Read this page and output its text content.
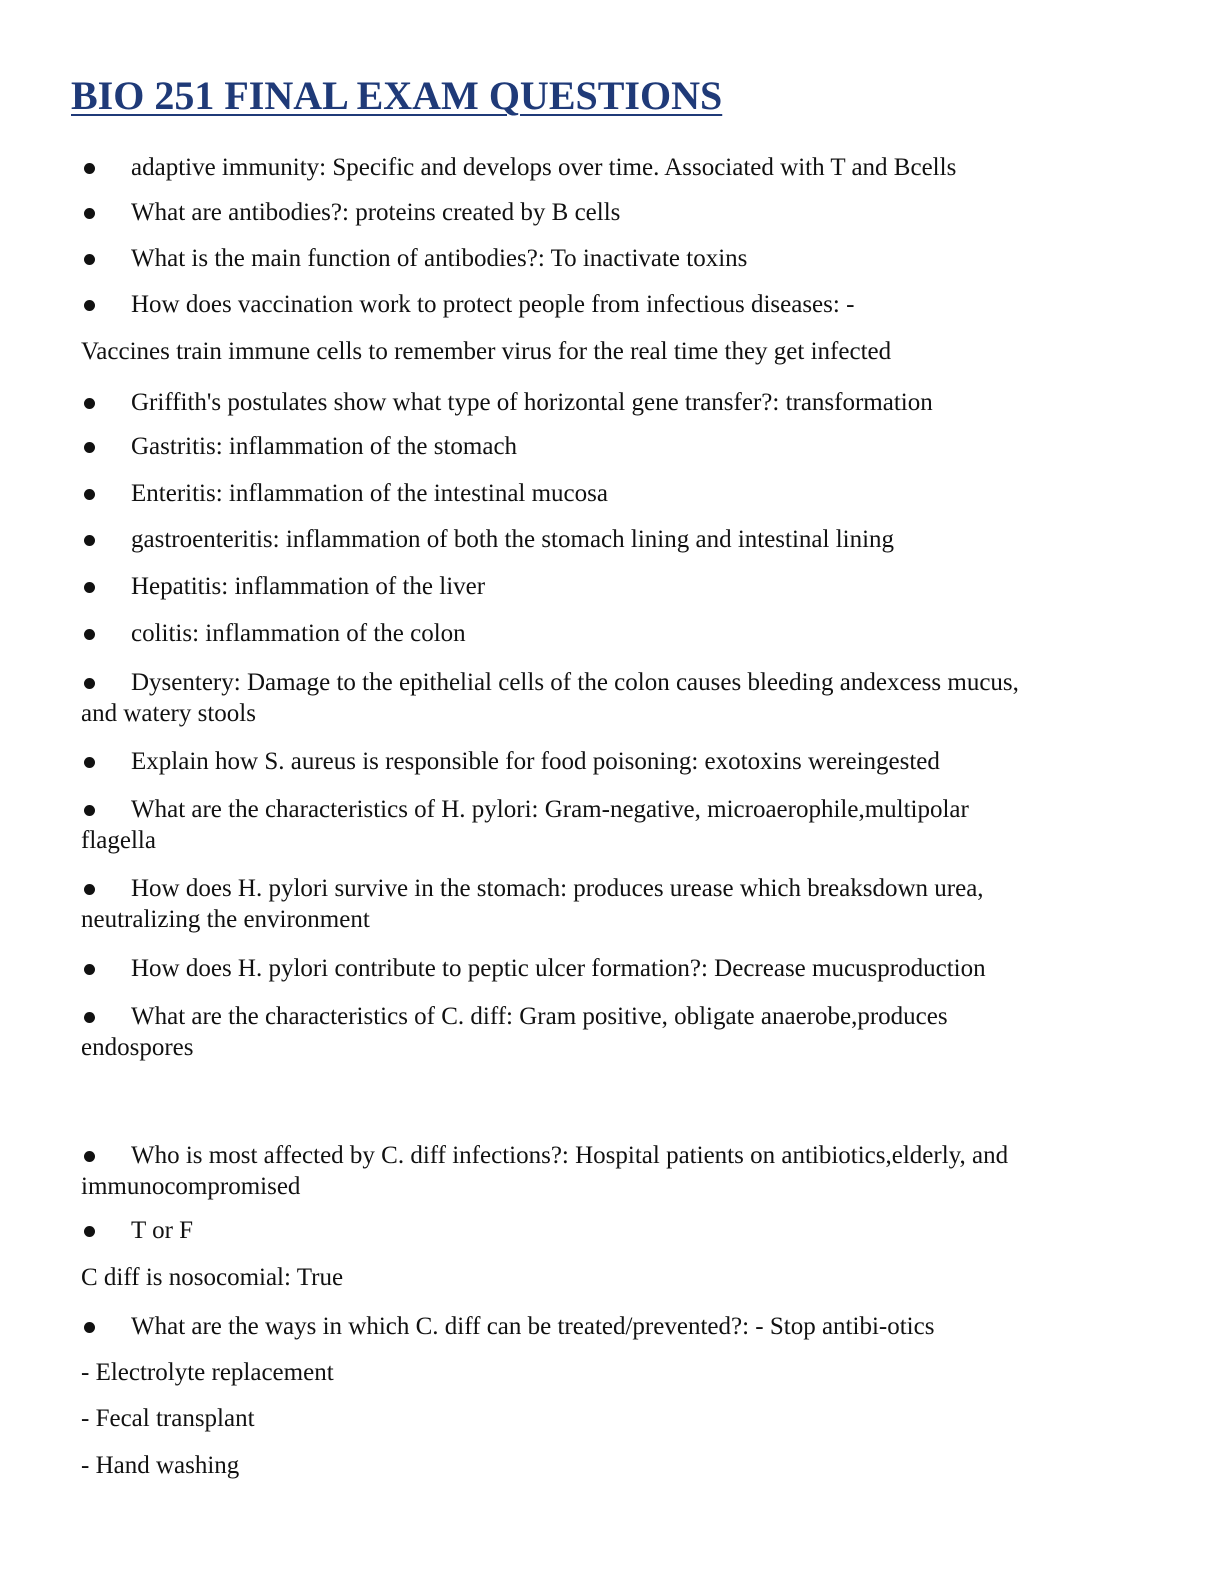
BIO 251 FINAL EXAM QUESTIONS
adaptive immunity: Specific and develops over time. Associated with T and Bcells
What are antibodies?: proteins created by B cells
What is the main function of antibodies?: To inactivate toxins
How does vaccination work to protect people from infectious diseases: -
Vaccines train immune cells to remember virus for the real time they get infected
Griffith's postulates show what type of horizontal gene transfer?: transformation
Gastritis: inflammation of the stomach
Enteritis: inflammation of the intestinal mucosa
gastroenteritis: inflammation of both the stomach lining and intestinal lining
Hepatitis: inflammation of the liver
colitis: inflammation of the colon
Dysentery: Damage to the epithelial cells of the colon causes bleeding andexcess mucus,
and watery stools
Explain how S. aureus is responsible for food poisoning: exotoxins wereingested
What are the characteristics of H. pylori: Gram-negative, microaerophile,multipolar
flagella
How does H. pylori survive in the stomach: produces urease which breaksdown urea,
neutralizing the environment
How does H. pylori contribute to peptic ulcer formation?: Decrease mucusproduction
What are the characteristics of C. diff: Gram positive, obligate anaerobe,produces
endospores
Who is most affected by C. diff infections?: Hospital patients on antibiotics,elderly, and
immunocompromised
T or F
C diff is nosocomial: True
What are the ways in which C. diff can be treated/prevented?: - Stop antibi-otics
- Electrolyte replacement
- Fecal transplant
- Hand washing
